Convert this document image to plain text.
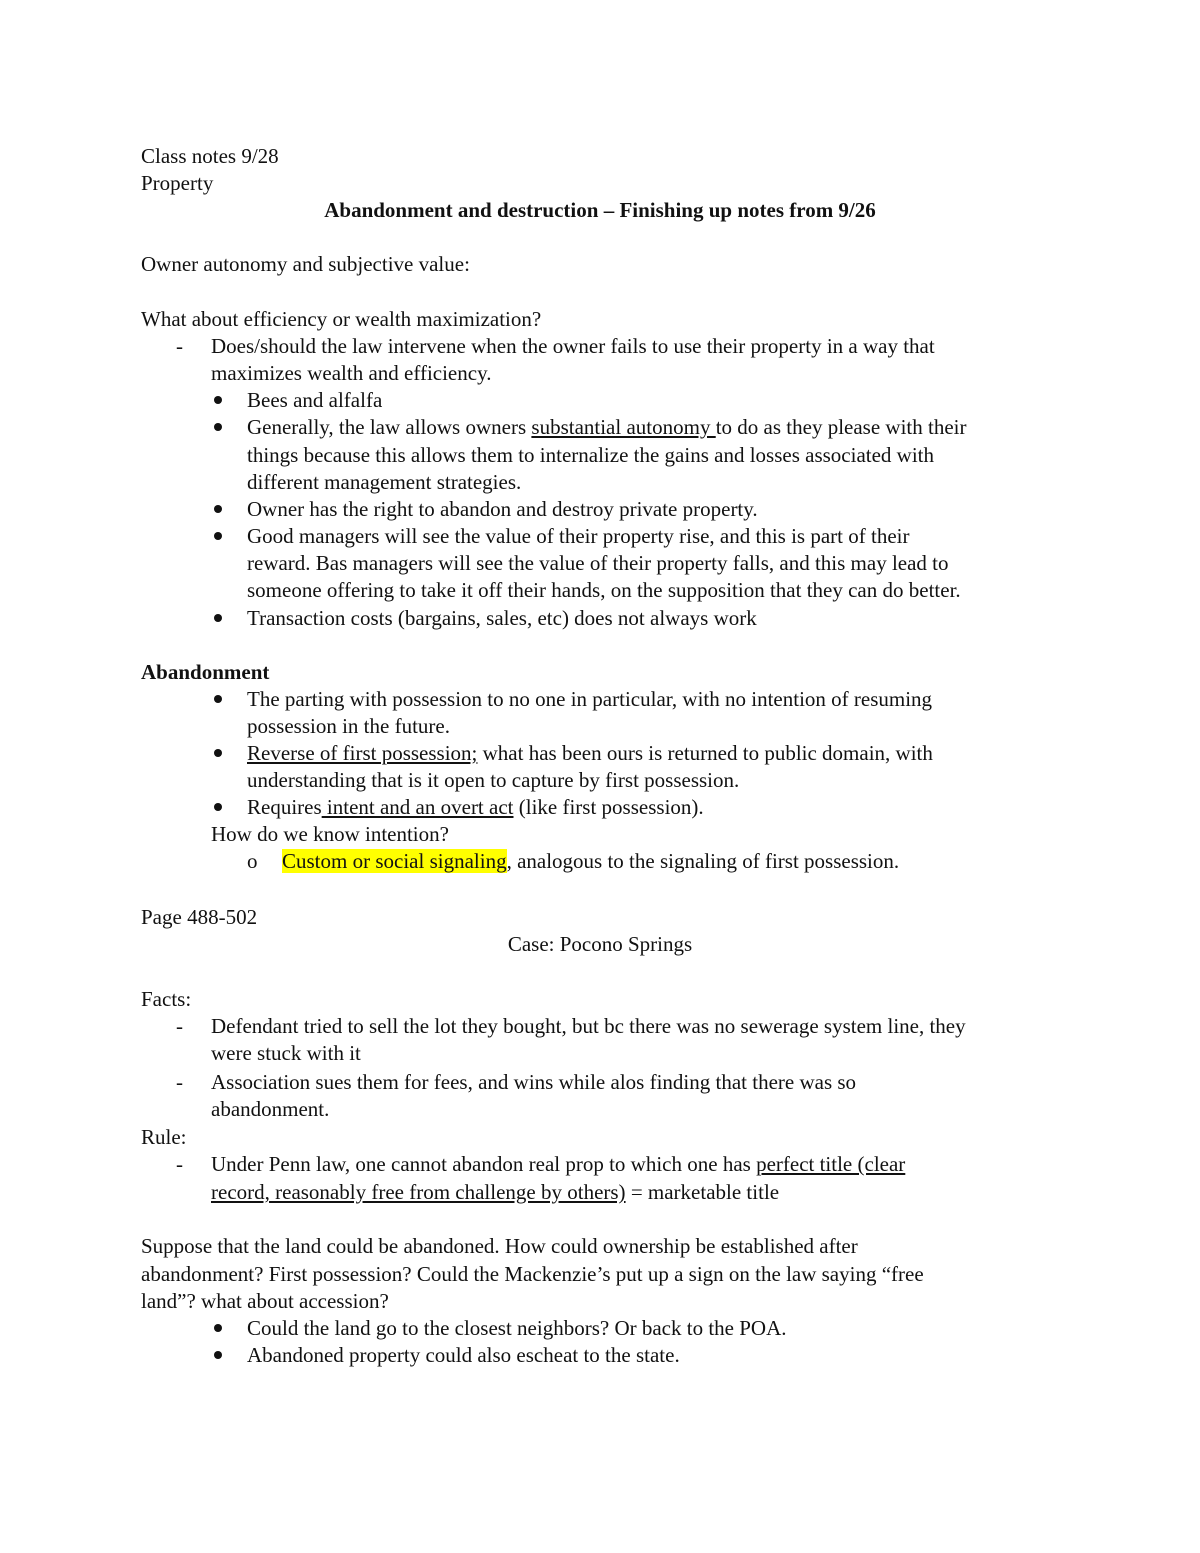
Class notes 9/28
Property
Abandonment and destruction – Finishing up notes from 9/26
Owner autonomy and subjective value:
What about efficiency or wealth maximization?
- Does/should the law intervene when the owner fails to use their property in a way that
maximizes wealth and efficiency.
Bees and alfalfa
Generally, the law allows owners substantial autonomy to do as they please with their
things because this allows them to internalize the gains and losses associated with
different management strategies.
Owner has the right to abandon and destroy private property.
Good managers will see the value of their property rise, and this is part of their
reward. Bas managers will see the value of their property falls, and this may lead to
someone offering to take it off their hands, on the supposition that they can do better.
Transaction costs (bargains, sales, etc) does not always work
Abandonment
The parting with possession to no one in particular, with no intention of resuming
possession in the future.
Reverse of first possession; what has been ours is returned to public domain, with
understanding that is it open to capture by first possession.
Requires intent and an overt act (like first possession).
How do we know intention?
o Custom or social signaling, analogous to the signaling of first possession.
Page 488-502
Case: Pocono Springs
Facts:
- Defendant tried to sell the lot they bought, but bc there was no sewerage system line, they
were stuck with it
- Association sues them for fees, and wins while alos finding that there was so
abandonment.
Rule:
- Under Penn law, one cannot abandon real prop to which one has perfect title (clear
record, reasonably free from challenge by others) = marketable title
Suppose that the land could be abandoned. How could ownership be established after
abandonment? First possession? Could the Mackenzie’s put up a sign on the law saying “free
land”? what about accession?
Could the land go to the closest neighbors? Or back to the POA.
Abandoned property could also escheat to the state.
